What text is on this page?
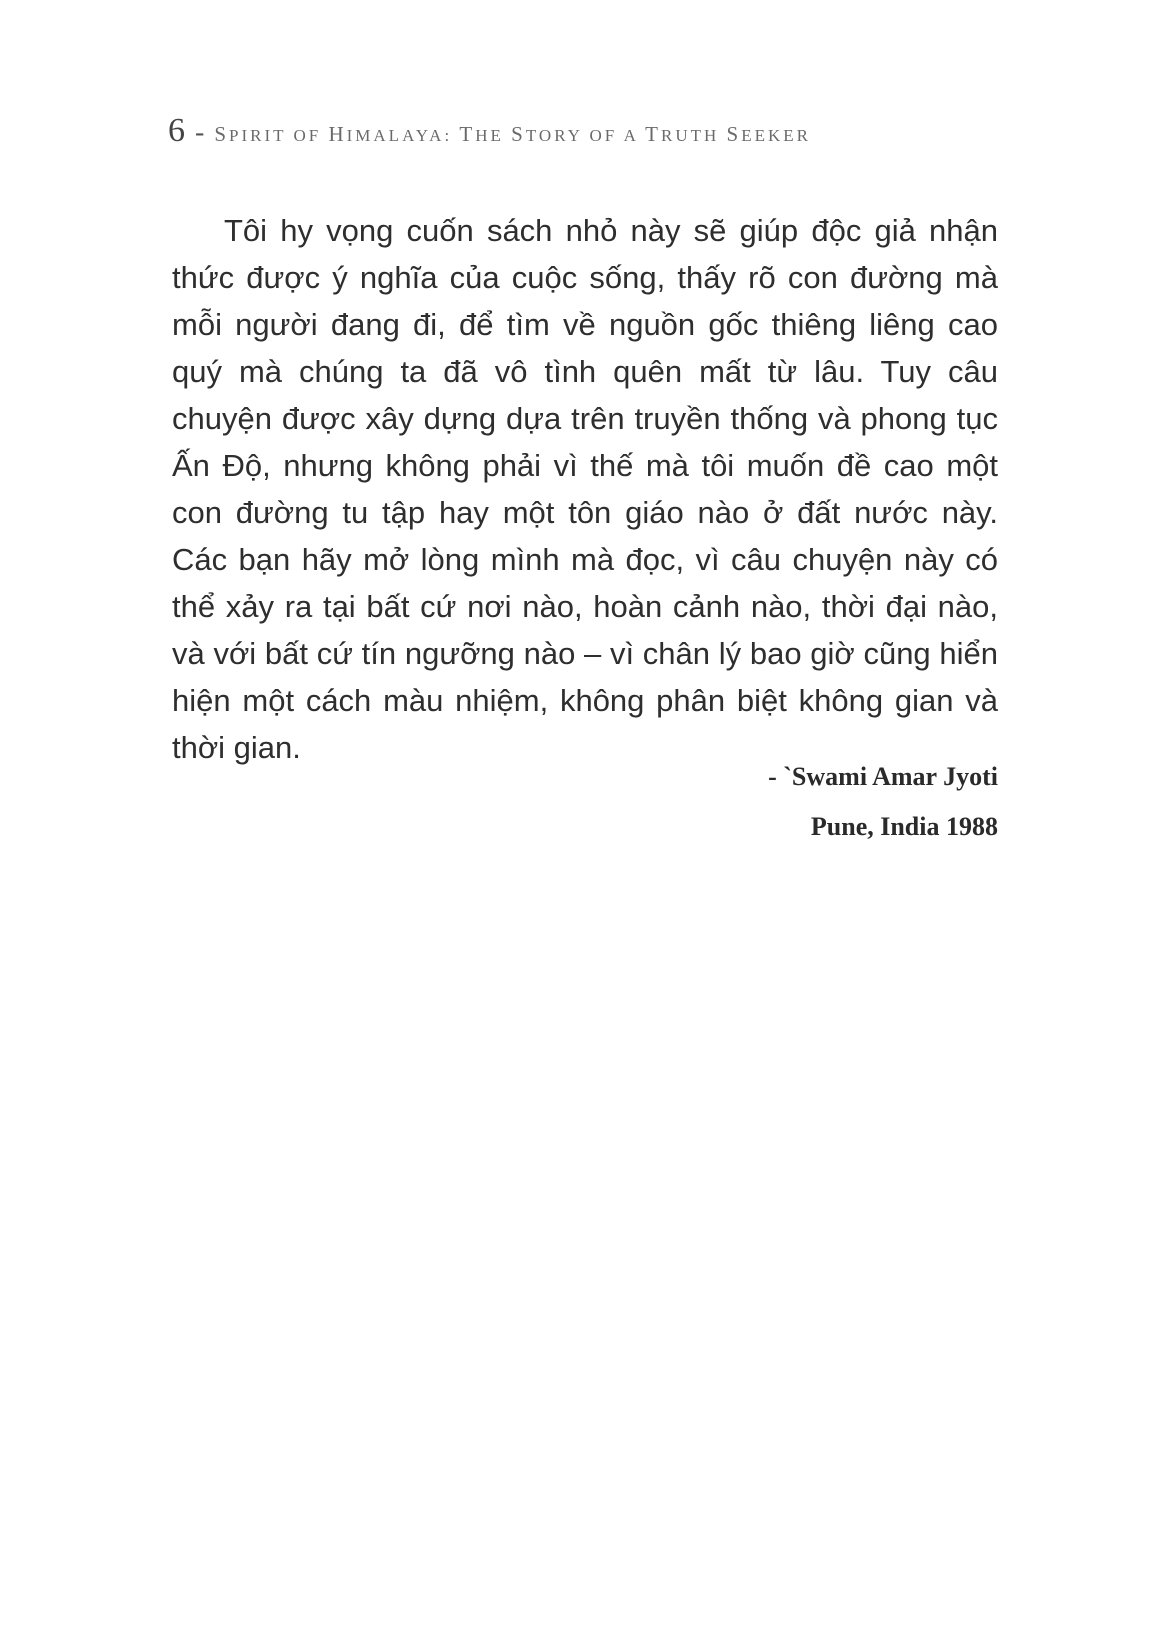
6 - SPIRIT OF HIMALAYA: THE STORY OF A TRUTH SEEKER

Tôi hy vọng cuốn sách nhỏ này sẽ giúp độc giả nhận thức được ý nghĩa của cuộc sống, thấy rõ con đường mà mỗi người đang đi, để tìm về nguồn gốc thiêng liêng cao quý mà chúng ta đã vô tình quên mất từ lâu. Tuy câu chuyện được xây dựng dựa trên truyền thống và phong tục Ấn Độ, nhưng không phải vì thế mà tôi muốn đề cao một con đường tu tập hay một tôn giáo nào ở đất nước này. Các bạn hãy mở lòng mình mà đọc, vì câu chuyện này có thể xảy ra tại bất cứ nơi nào, hoàn cảnh nào, thời đại nào, và với bất cứ tín ngưỡng nào – vì chân lý bao giờ cũng hiển hiện một cách màu nhiệm, không phân biệt không gian và thời gian.

- `Swami Amar Jyoti
Pune, India 1988
